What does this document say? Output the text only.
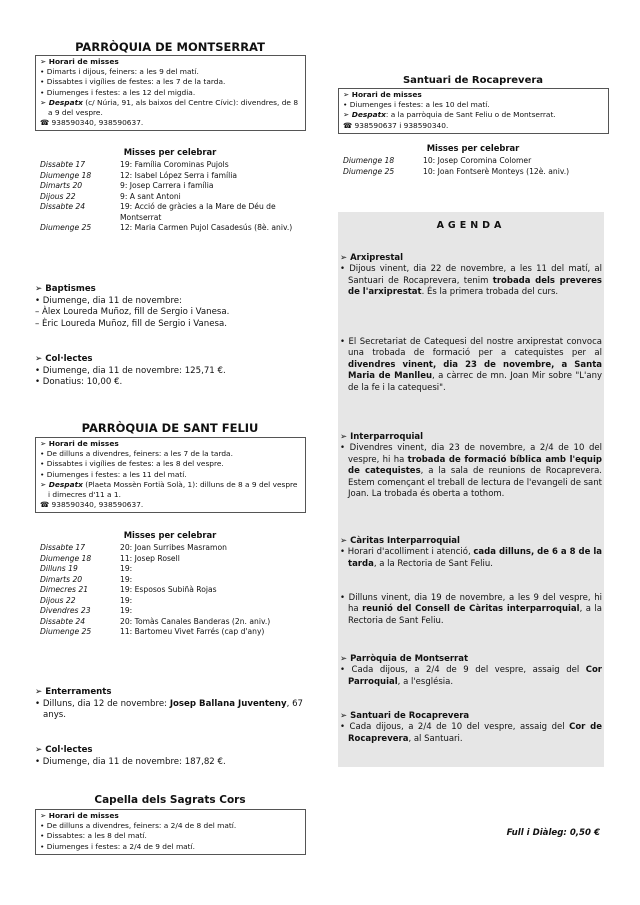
PARRÒQUIA DE MONTSERRAT
➢ Horari de misses
• Dimarts i dijous, feiners: a les 9 del matí.
• Dissabtes i vigílies de festes: a les 7 de la tarda.
• Diumenges i festes: a les 12 del migdia.
➢ Despatx (c/ Núria, 91, als baixos del Centre Cívic): divendres, de 8 a 9 del vespre.
☎ 938590340, 938590637.
Misses per celebrar
Dissabte 17	19: Família Corominas Pujols
Diumenge 18	12: Isabel López Serra i família
Dimarts 20	9: Josep Carrera i família
Dijous 22	9: A sant Antoni
Dissabte 24	19: Acció de gràcies a la Mare de Déu de Montserrat
Diumenge 25	12: Maria Carmen Pujol Casadesús (8è. aniv.)
➢ Baptismes
• Diumenge, dia 11 de novembre:
– Àlex Loureda Muñoz, fill de Sergio i Vanesa.
– Èric Loureda Muñoz, fill de Sergio i Vanesa.
➢ Col·lectes
• Diumenge, dia 11 de novembre: 125,71 €.
• Donatius: 10,00 €.
PARRÒQUIA DE SANT FELIU
➢ Horari de misses
• De dilluns a divendres, feiners: a les 7 de la tarda.
• Dissabtes i vigílies de festes: a les 8 del vespre.
• Diumenges i festes: a les 11 del matí.
➢ Despatx (Plaeta Mossèn Fortià Solà, 1): dilluns de 8 a 9 del vespre i dimecres d'11 a 1.
☎ 938590340, 938590637.
Misses per celebrar
Dissabte 17	20: Joan Surribes Masramon
Diumenge 18	11: Josep Rosell
Dilluns 19	19:
Dimarts 20	19:
Dimecres 21	19: Esposos Subiñà Rojas
Dijous 22	19:
Divendres 23	19:
Dissabte 24	20: Tomàs Canales Banderas (2n. aniv.)
Diumenge 25	11: Bartomeu Vivet Farrés (cap d'any)
➢ Enterraments
• Dilluns, dia 12 de novembre: Josep Ballana Juventeny, 67 anys.
➢ Col·lectes
• Diumenge, dia 11 de novembre: 187,82 €.
Capella dels Sagrats Cors
➢ Horari de misses
• De dilluns a divendres, feiners: a 2/4 de 8 del matí.
• Dissabtes: a les 8 del matí.
• Diumenges i festes: a 2/4 de 9 del matí.
Santuari de Rocaprevera
➢ Horari de misses
• Diumenges i festes: a les 10 del matí.
➢ Despatx: a la parròquia de Sant Feliu o de Montserrat.
☎ 938590637 i 938590340.
Misses per celebrar
Diumenge 18	10: Josep Coromina Colomer
Diumenge 25	10: Joan Fontserè Monteys (12è. aniv.)
AGENDA
➢ Arxiprestal
• Dijous vinent, dia 22 de novembre, a les 11 del matí, al Santuari de Rocaprevera, tenim trobada dels preveres de l'arxiprestat. És la primera trobada del curs.
• El Secretariat de Catequesi del nostre arxiprestat convoca una trobada de formació per a catequistes per al divendres vinent, dia 23 de novembre, a Santa Maria de Manlleu, a càrrec de mn. Joan Mir sobre "L'any de la fe i la catequesi".
➢ Interparroquial
• Divendres vinent, dia 23 de novembre, a 2/4 de 10 del vespre, hi ha trobada de formació bíblica amb l'equip de catequistes, a la sala de reunions de Rocaprevera. Estem començant el treball de lectura de l'evangeli de sant Joan. La trobada és oberta a tothom.
➢ Càritas Interparroquial
• Horari d'acolliment i atenció, cada dilluns, de 6 a 8 de la tarda, a la Rectoria de Sant Feliu.
• Dilluns vinent, dia 19 de novembre, a les 9 del vespre, hi ha reunió del Consell de Càritas interparroquial, a la Rectoria de Sant Feliu.
➢ Parròquia de Montserrat
• Cada dijous, a 2/4 de 9 del vespre, assaig del Cor Parroquial, a l'església.
➢ Santuari de Rocaprevera
• Cada dijous, a 2/4 de 10 del vespre, assaig del Cor de Rocaprevera, al Santuari.
Full i Diàleg: 0,50 €
